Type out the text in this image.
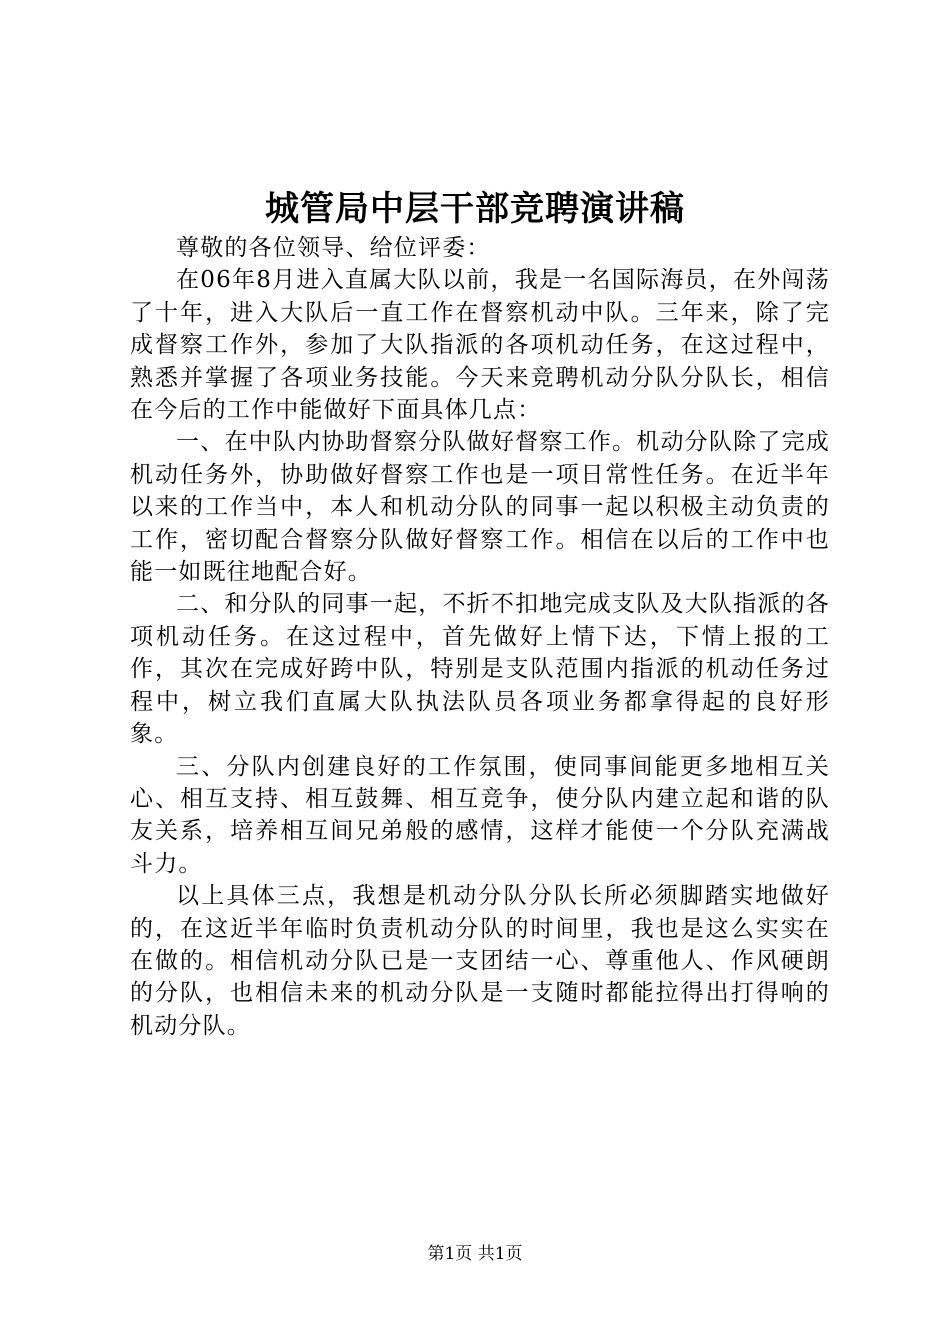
城管局中层干部竞聘演讲稿

尊敬的各位领导、给位评委：

在06年8月进入直属大队以前，我是一名国际海员，在外闯荡了十年，进入大队后一直工作在督察机动中队。三年来，除了完成督察工作外，参加了大队指派的各项机动任务，在这过程中，熟悉并掌握了各项业务技能。今天来竞聘机动分队分队长，相信在今后的工作中能做好下面具体几点：

一、在中队内协助督察分队做好督察工作。机动分队除了完成机动任务外，协助做好督察工作也是一项日常性任务。在近半年以来的工作当中，本人和机动分队的同事一起以积极主动负责的工作，密切配合督察分队做好督察工作。相信在以后的工作中也能一如既往地配合好。

二、和分队的同事一起，不折不扣地完成支队及大队指派的各项机动任务。在这过程中，首先做好上情下达，下情上报的工作，其次在完成好跨中队，特别是支队范围内指派的机动任务过程中，树立我们直属大队执法队员各项业务都拿得起的良好形象。

三、分队内创建良好的工作氛围，使同事间能更多地相互关心、相互支持、相互鼓舞、相互竞争，使分队内建立起和谐的队友关系，培养相互间兄弟般的感情，这样才能使一个分队充满战斗力。

以上具体三点，我想是机动分队分队长所必须脚踏实地做好的，在这近半年临时负责机动分队的时间里，我也是这么实实在在做的。相信机动分队已是一支团结一心、尊重他人、作风硬朗的分队，也相信未来的机动分队是一支随时都能拉得出打得响的机动分队。

第1页 共1页
